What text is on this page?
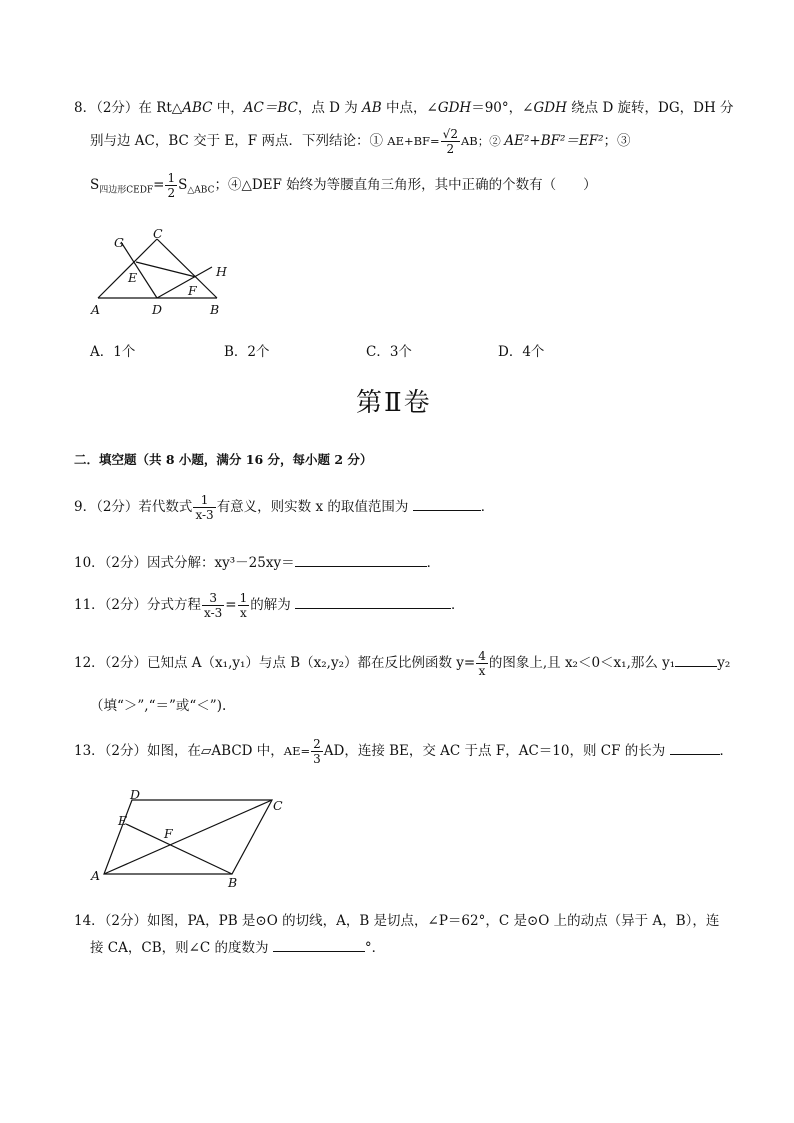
8．（2分）在 Rt△ABC 中，AC＝BC，点 D 为 AB 中点，∠GDH＝90°，∠GDH 绕点 D 旋转，DG，DH 分
别与边 AC，BC 交于 E，F 两点．下列结论：① $AE+BF= \frac{√2}{2}$ AB；② AE²+BF²＝EF²；③
$S_{四边形CEDF}= \frac{1}{2} S_{\triangle ABC}$；④△DEF 始终为等腰直角三角形，其中正确的个数有（　　）
G
C
E	H
F
A	D	B
A．1个	B．2个	C．3个	D．4个
第Ⅱ卷
二．填空题（共 8 小题，满分 16 分，每小题 2 分）
9．（2分）若代数式 $\frac{1}{x-3}$ 有意义，则实数 x 的取值范围为	．
10．（2分）因式分解：xy³－25xy＝	．
11．（2分）分式方程 $\frac{3}{x-3} = \frac{1}{x}$ 的解为	．
12．（2分）已知点 A（x₁,y₁）与点 B（x₂,y₂）都在反比例函数 $y= \frac{4}{x}$ 的图象上,且 x₂＜0＜x₁,那么 y₁	y₂
（填“＞”,“＝”或“＜”).
13．（2分）如图，在▱ABCD 中，$AE= \frac{2}{3}$ AD，连接 BE，交 AC 于点 F，AC＝10，则 CF 的长为	．
D
C
E
F
A	B
14．（2分）如图，PA，PB 是⊙O 的切线，A，B 是切点，∠P＝62°，C 是⊙O 上的动点（异于 A，B），连
接 CA，CB，则∠C 的度数为	°．
